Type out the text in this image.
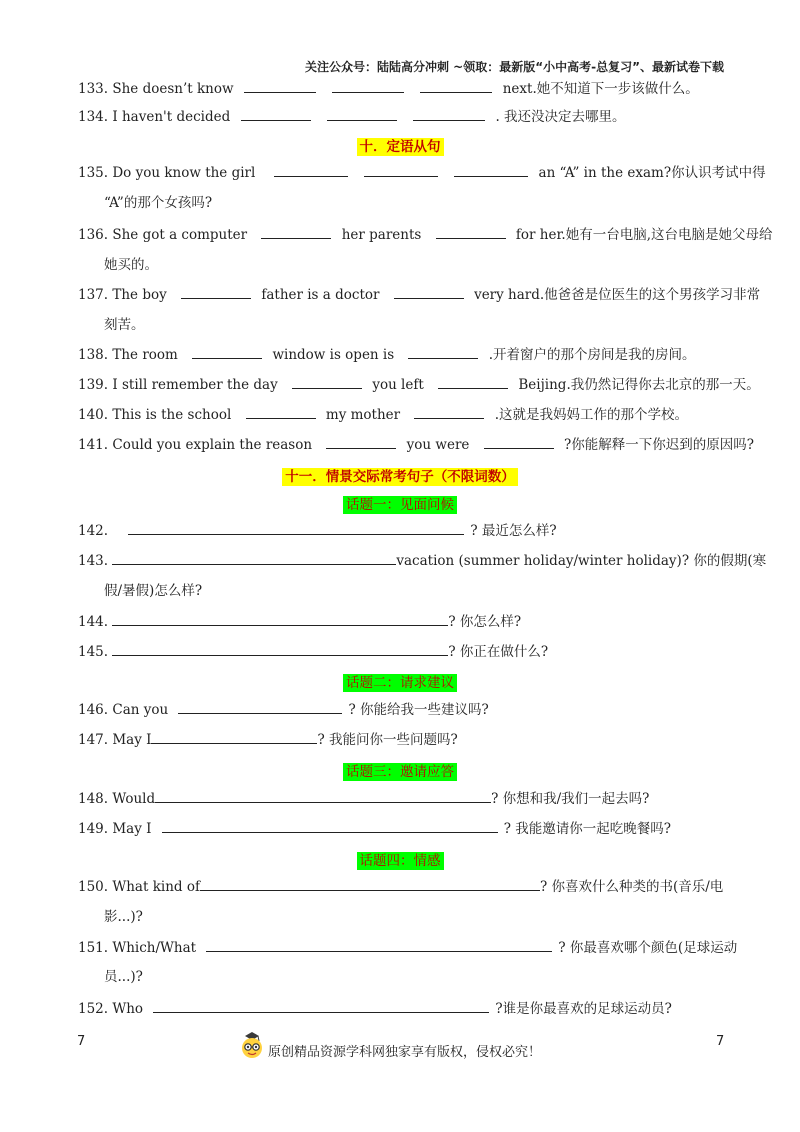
关注公众号：陆陆高分冲刺 ~领取：最新版“小中高考-总复习”、最新试卷下载
133. She doesn’t know	next.她不知道下一步该做什么。
134. I haven't decided	. 我还没决定去哪里。
十．定语从句
135. Do you know the girl	an “A” in the exam?你认识考试中得
“A”的那个女孩吗?
136. She got a computer	her parents	for her.她有一台电脑,这台电脑是她父母给
她买的。
137. The boy	father is a doctor	very hard.他爸爸是位医生的这个男孩学习非常
刻苦。
138. The room	window is open is	.开着窗户的那个房间是我的房间。
139. I still remember the day	you left	Beijing.我仍然记得你去北京的那一天。
140. This is the school	my mother	.这就是我妈妈工作的那个学校。
141. Could you explain the reason	you were	?你能解释一下你迟到的原因吗?
十一．情景交际常考句子（不限词数）
话题一：见面问候
142.	? 最近怎么样?
143.	vacation (summer holiday/winter holiday)? 你的假期(寒
假/暑假)怎么样?
144.	? 你怎么样?
145.	? 你正在做什么?
话题二：请求建议
146. Can you	? 你能给我一些建议吗?
147. May I	? 我能问你一些问题吗?
话题三：邀请应答
148. Would	? 你想和我/我们一起去吗?
149. May I	? 我能邀请你一起吃晚餐吗?
话题四：情感
150. What kind of	? 你喜欢什么种类的书(音乐/电
影...)?
151. Which/What	? 你最喜欢哪个颜色(足球运动
员...)?
152. Who	?谁是你最喜欢的足球运动员?
7	7
原创精品资源学科网独家享有版权，侵权必究！
